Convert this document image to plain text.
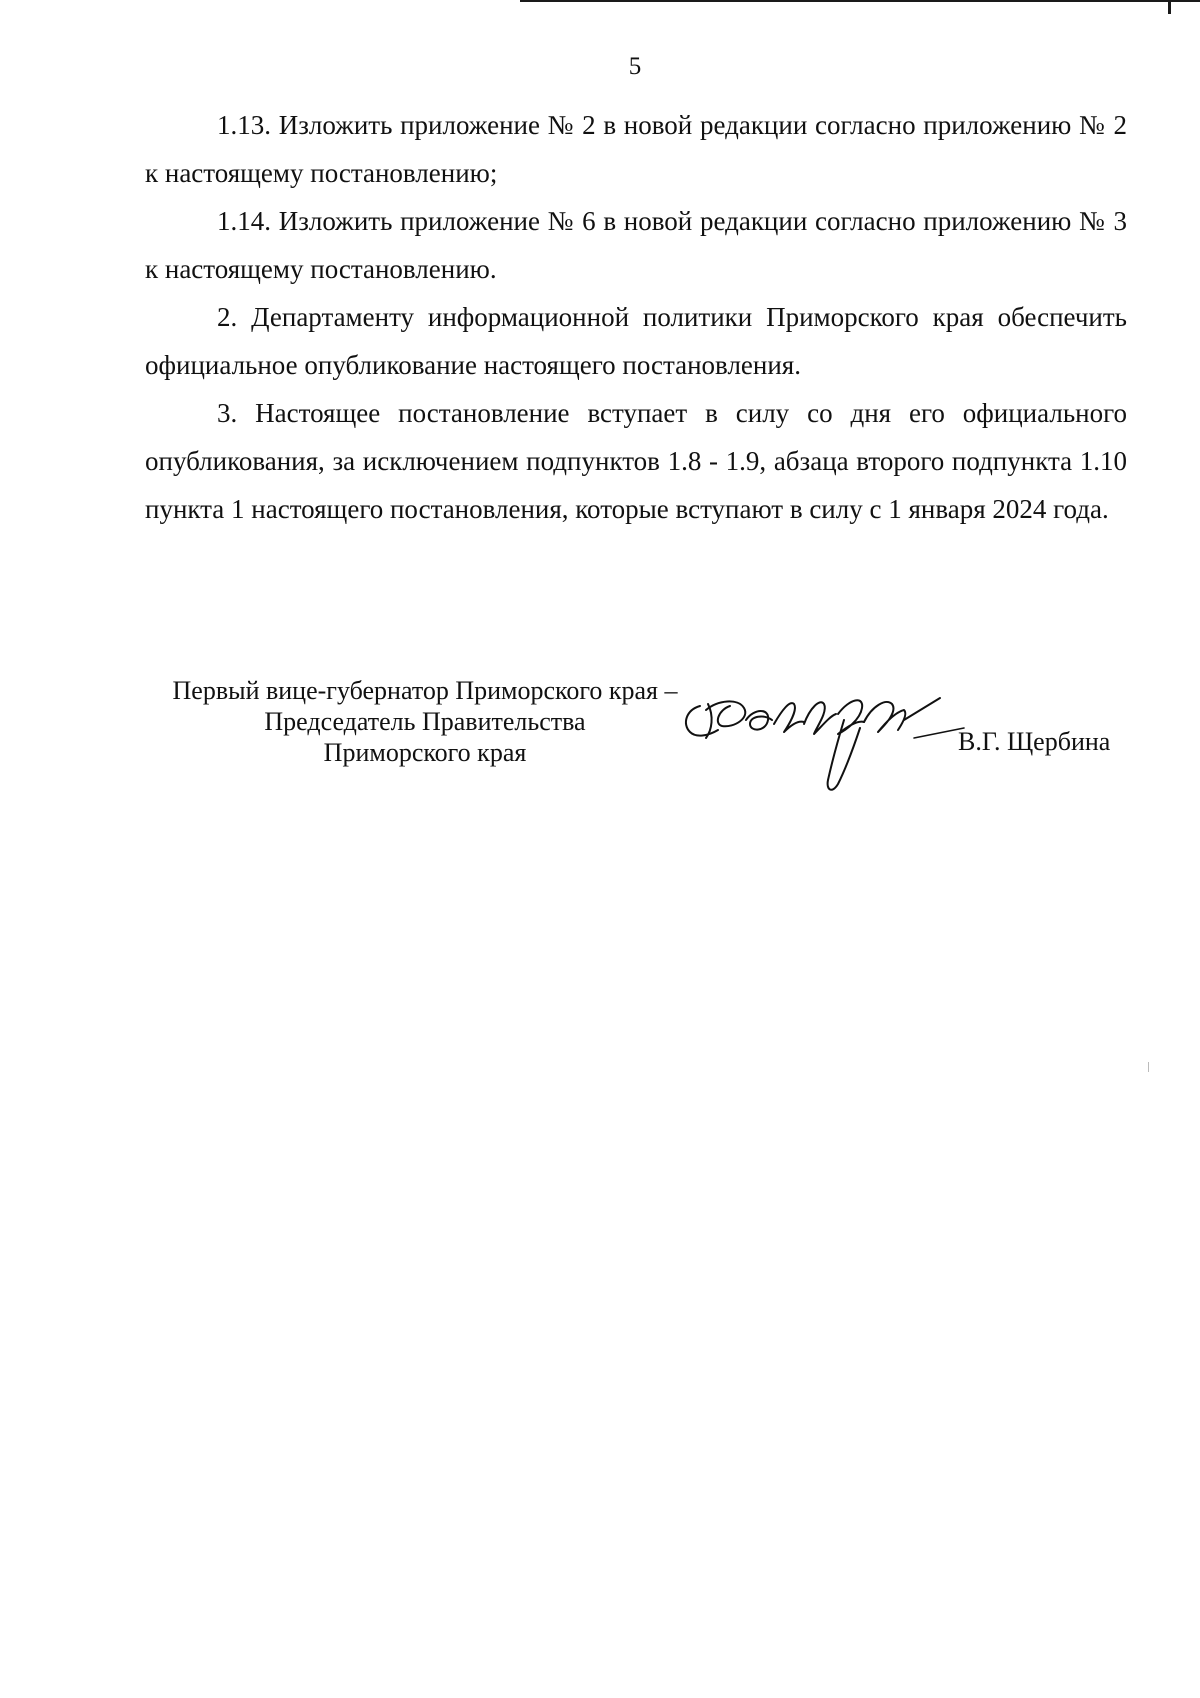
5

1.13. Изложить приложение № 2 в новой редакции согласно приложению № 2 к настоящему постановлению;

1.14. Изложить приложение № 6 в новой редакции согласно приложению № 3 к настоящему постановлению.

2. Департаменту информационной политики Приморского края обеспечить официальное опубликование настоящего постановления.

3. Настоящее постановление вступает в силу со дня его официального опубликования, за исключением подпунктов 1.8 - 1.9, абзаца второго подпункта 1.10 пункта 1 настоящего постановления, которые вступают в силу с 1 января 2024 года.

Первый вице-губернатор Приморского края –
Председатель Правительства
Приморского края	В.Г. Щербина
